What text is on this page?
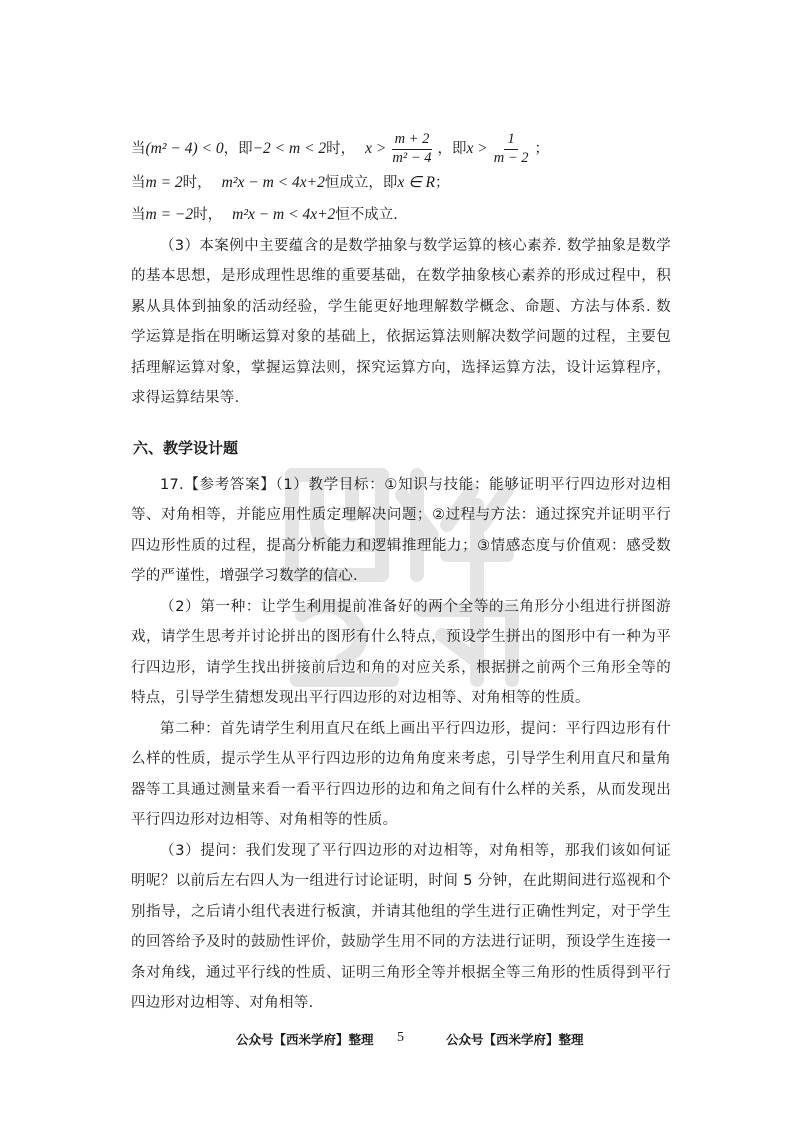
当 (m² − 4) < 0 ，即 −2 < m < 2 时， $x > \frac{m + 2}{\text{m² − 4}}$ ，即 $x > \frac{1}{m - 2}$ ；
当 m = 2 时， m²x − m < 4x+2 恒成立，即 x ∈ R ；
当 m = −2 时， m²x − m < 4x+2 恒不成立.

（3）本案例中主要蕴含的是数学抽象与数学运算的核心素养. 数学抽象是数学的基本思想，是形成理性思维的重要基础，在数学抽象核心素养的形成过程中，积累从具体到抽象的活动经验，学生能更好地理解数学概念、命题、方法与体系. 数学运算是指在明晰运算对象的基础上，依据运算法则解决数学问题的过程，主要包括理解运算对象，掌握运算法则，探究运算方向，选择运算方法，设计运算程序，求得运算结果等.

六、教学设计题

17.【参考答案】（1）教学目标：①知识与技能：能够证明平行四边形对边相等、对角相等，并能应用性质定理解决问题；②过程与方法：通过探究并证明平行四边形性质的过程，提高分析能力和逻辑推理能力；③情感态度与价值观：感受数学的严谨性，增强学习数学的信心.

（2）第一种：让学生利用提前准备好的两个全等的三角形分小组进行拼图游戏，请学生思考并讨论拼出的图形有什么特点，预设学生拼出的图形中有一种为平行四边形，请学生找出拼接前后边和角的对应关系，根据拼之前两个三角形全等的特点，引导学生猜想发现出平行四边形的对边相等、对角相等的性质。

第二种：首先请学生利用直尺在纸上画出平行四边形，提问：平行四边形有什么样的性质，提示学生从平行四边形的边角角度来考虑，引导学生利用直尺和量角器等工具通过测量来看一看平行四边形的边和角之间有什么样的关系，从而发现出平行四边形对边相等、对角相等的性质。

（3）提问：我们发现了平行四边形的对边相等，对角相等，那我们该如何证明呢？以前后左右四人为一组进行讨论证明，时间 5 分钟，在此期间进行巡视和个别指导，之后请小组代表进行板演，并请其他组的学生进行正确性判定，对于学生的回答给予及时的鼓励性评价，鼓励学生用不同的方法进行证明，预设学生连接一条对角线，通过平行线的性质、证明三角形全等并根据全等三角形的性质得到平行四边形对边相等、对角相等.

公众号【西米学府】整理 5	公众号【西米学府】整理
